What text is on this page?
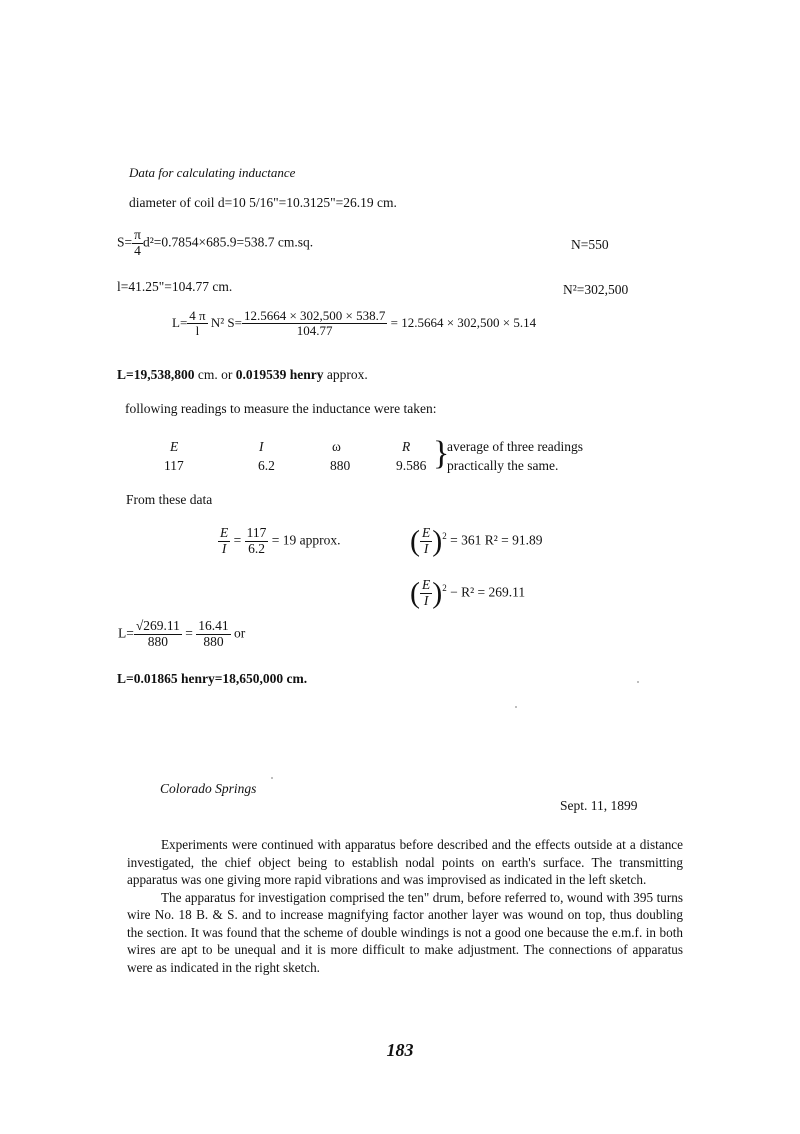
Data for calculating inductance
diameter of coil d=10 5/16"=10.3125"=26.19 cm.
$S= \frac{\pi}{4} d^2=0.7854\times 685.9=538.7$ cm.sq.	N=550
l=41.25"=104.77 cm.	N²=302,500
$L= \frac{4 \pi}{l} N^2$ $S= \frac{12.5664 \times 302,500 \times 538.7}{104.77} = 12.5664 \times 302,500 \times 5.14$
L=19,538,800 cm. or 0.019539 henry approx.
following readings to measure the inductance were taken:
E	I	ω	R
117	6.2	880	9.586 }
average of three readings
practically the same.
From these data
$\frac{E}{I} = \frac{117}{6.2} = 19$ approx. ( $\frac{E}{I} )^2 = 361$ R² = 91.89
( $\frac{E}{I} )^2 - R^2 = 269.11$
$L= \frac{√269.11}{880} = \frac{16.41}{880}$ or
L=0.01865 henry=18,650,000 cm.
Colorado Springs
Sept. 11, 1899

Experiments were continued with apparatus before described and the effects outside at a distance investigated, the chief object being to establish nodal points on earth's surface. The transmitting apparatus was one giving more rapid vibrations and was improvised as indicated in the left sketch.

The apparatus for investigation comprised the ten" drum, before referred to, wound with 395 turns wire No. 18 B. & S. and to increase magnifying factor another layer was wound on top, thus doubling the section. It was found that the scheme of double windings is not a good one because the e.m.f. in both wires are apt to be unequal and it is more difficult to make adjustment. The connections of apparatus were as indicated in the right sketch.

183
